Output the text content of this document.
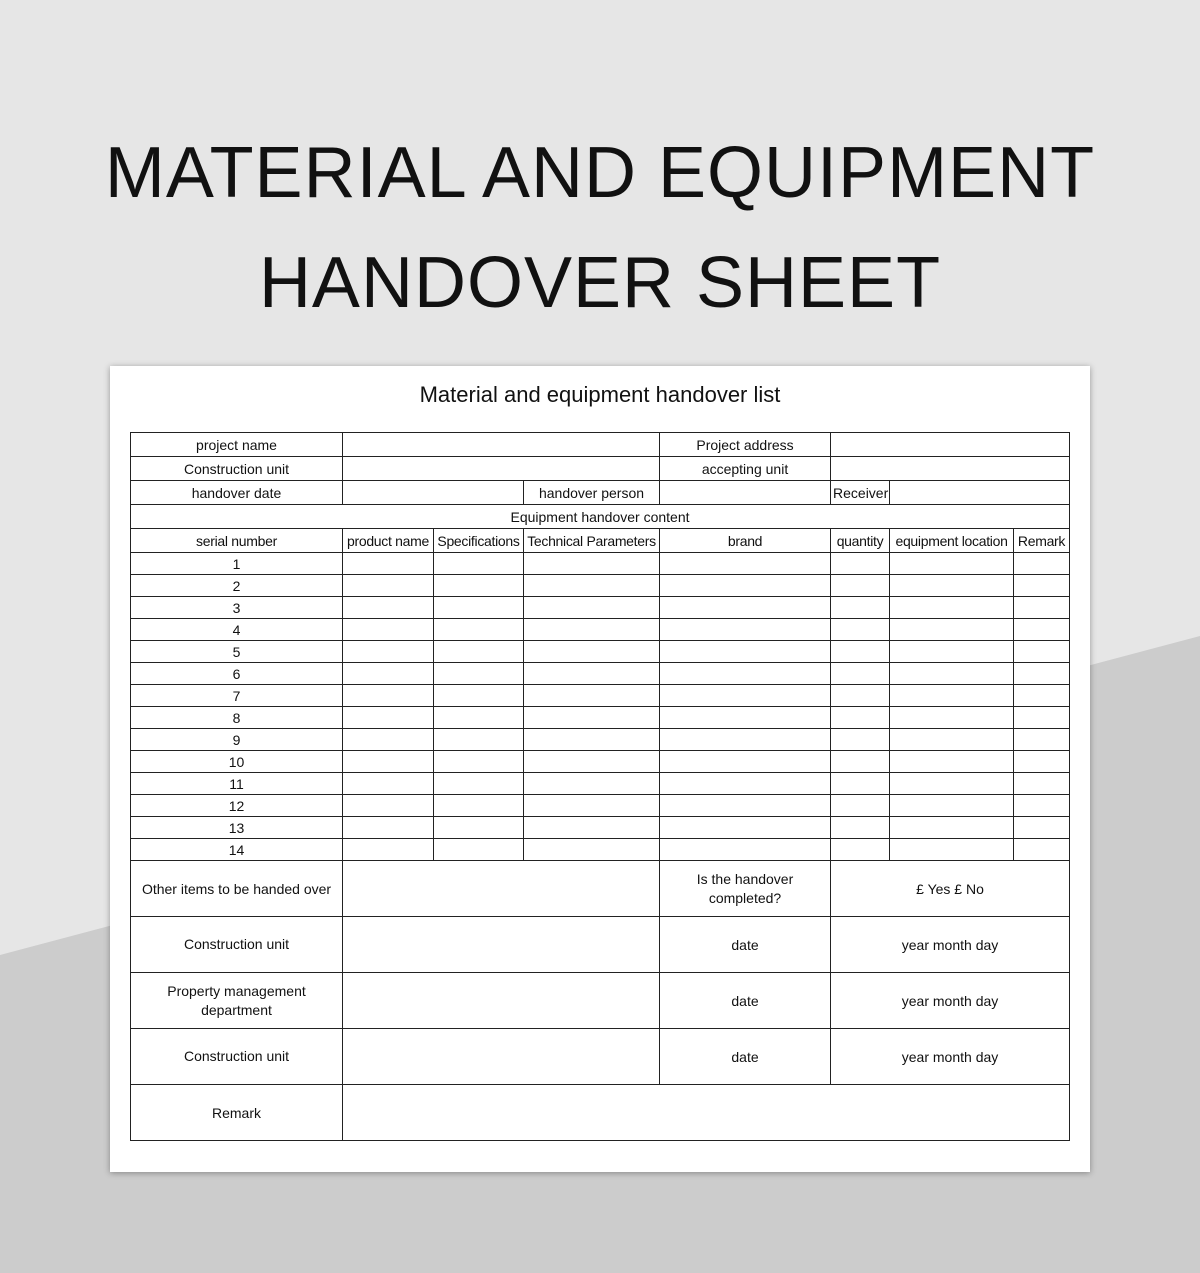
MATERIAL AND EQUIPMENT
HANDOVER SHEET
Material and equipment handover list
project name				Project address			
Construction unit				accepting unit			
handover date			handover person		Receiver		
Equipment handover content							
serial number	product name	Specifications	Technical Parameters	brand	quantity	equipment location	Remark
1							
2							
3							
4							
5							
6							
7							
8							
9							
10							
11							
12							
13							
14							
Other items to be handed over				Is the handover completed?	£ Yes £ No		
Construction unit				date	year month day		
Property management department				date	year month day		
Construction unit				date	year month day		
Remark							
